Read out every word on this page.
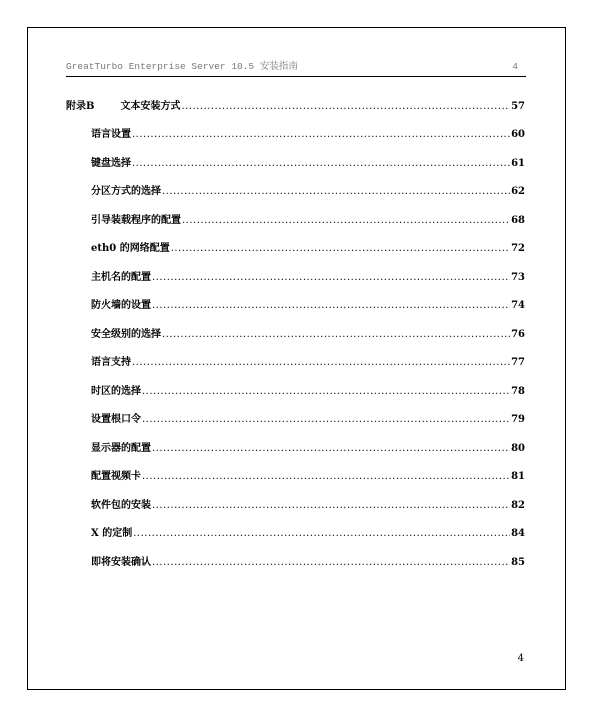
GreatTurbo Enterprise Server 10.5 安装指南	4
附录B	文本安装方式 .....	57
语言设置 .....	60
键盘选择 .....	61
分区方式的选择 .....	62
引导装载程序的配置 .....	68
eth0 的网络配置 .....	72
主机名的配置 .....	73
防火墙的设置 .....	74
安全级别的选择 .....	76
语言支持 .....	77
时区的选择 .....	78
设置根口令 .....	79
显示器的配置 .....	80
配置视频卡 .....	81
软件包的安装 .....	82
X 的定制 .....	84
即将安装确认 .....	85
4
